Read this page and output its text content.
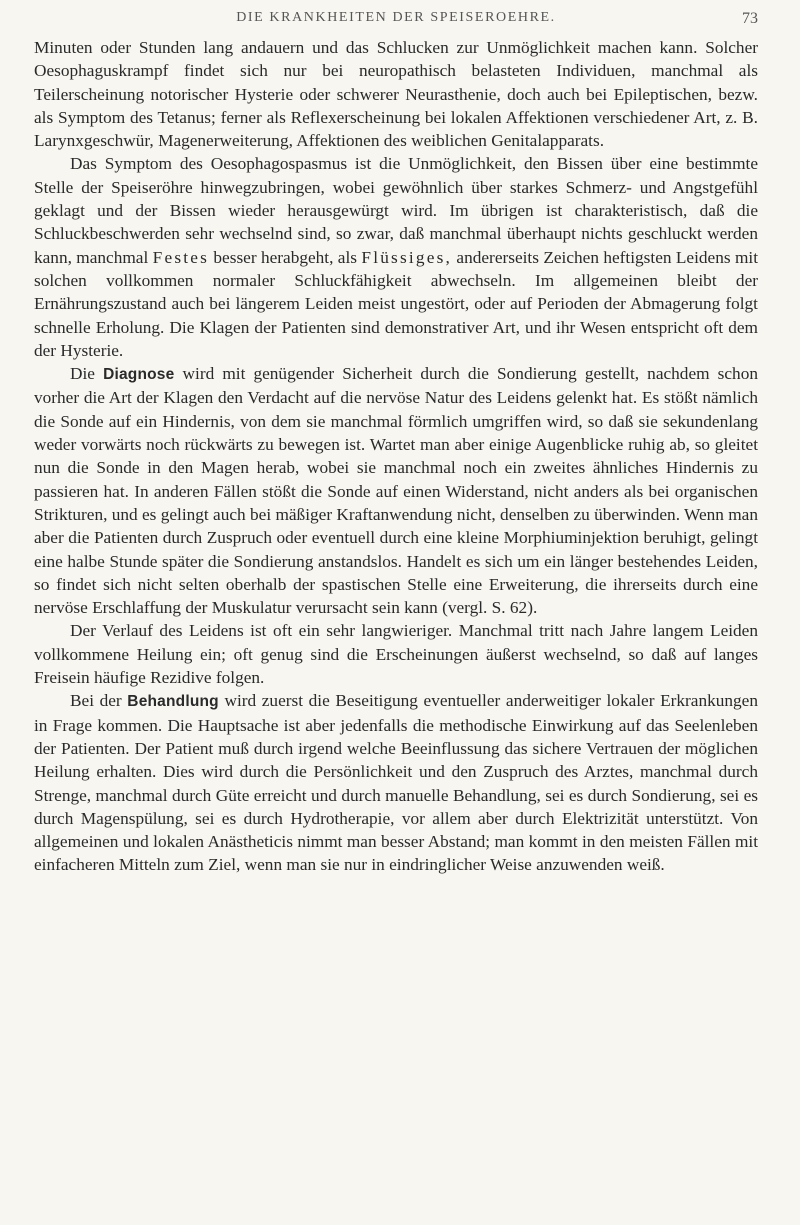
DIE KRANKHEITEN DER SPEISEROEHRE.	73

Minuten oder Stunden lang andauern und das Schlucken zur Unmöglichkeit machen kann. Solcher Oesophaguskrampf findet sich nur bei neuropathisch belasteten Individuen, manchmal als Teilerscheinung notorischer Hysterie oder schwerer Neurasthenie, doch auch bei Epileptischen, bezw. als Symptom des Tetanus; ferner als Reflexerscheinung bei lokalen Affektionen verschiedener Art, z. B. Larynxgeschwür, Magenerweiterung, Affektionen des weiblichen Genitalapparats.

Das Symptom des Oesophagospasmus ist die Unmöglichkeit, den Bissen über eine bestimmte Stelle der Speiseröhre hinwegzubringen, wobei gewöhnlich über starkes Schmerz- und Angstgefühl geklagt und der Bissen wieder herausgewürgt wird. Im übrigen ist charakteristisch, daß die Schluckbeschwerden sehr wechselnd sind, so zwar, daß manchmal überhaupt nichts geschluckt werden kann, manchmal Festes besser herabgeht, als Flüssiges, andererseits Zeichen heftigsten Leidens mit solchen vollkommen normaler Schluckfähigkeit abwechseln. Im allgemeinen bleibt der Ernährungszustand auch bei längerem Leiden meist ungestört, oder auf Perioden der Abmagerung folgt schnelle Erholung. Die Klagen der Patienten sind demonstrativer Art, und ihr Wesen entspricht oft dem der Hysterie.

Die Diagnose wird mit genügender Sicherheit durch die Sondierung gestellt, nachdem schon vorher die Art der Klagen den Verdacht auf die nervöse Natur des Leidens gelenkt hat. Es stößt nämlich die Sonde auf ein Hindernis, von dem sie manchmal förmlich umgriffen wird, so daß sie sekundenlang weder vorwärts noch rückwärts zu bewegen ist. Wartet man aber einige Augenblicke ruhig ab, so gleitet nun die Sonde in den Magen herab, wobei sie manchmal noch ein zweites ähnliches Hindernis zu passieren hat. In anderen Fällen stößt die Sonde auf einen Widerstand, nicht anders als bei organischen Strikturen, und es gelingt auch bei mäßiger Kraftanwendung nicht, denselben zu überwinden. Wenn man aber die Patienten durch Zuspruch oder eventuell durch eine kleine Morphiuminjektion beruhigt, gelingt eine halbe Stunde später die Sondierung anstandslos. Handelt es sich um ein länger bestehendes Leiden, so findet sich nicht selten oberhalb der spastischen Stelle eine Erweiterung, die ihrerseits durch eine nervöse Erschlaffung der Muskulatur verursacht sein kann (vergl. S. 62).

Der Verlauf des Leidens ist oft ein sehr langwieriger. Manchmal tritt nach Jahre langem Leiden vollkommene Heilung ein; oft genug sind die Erscheinungen äußerst wechselnd, so daß auf langes Freisein häufige Rezidive folgen.

Bei der Behandlung wird zuerst die Beseitigung eventueller anderweitiger lokaler Erkrankungen in Frage kommen. Die Hauptsache ist aber jedenfalls die methodische Einwirkung auf das Seelenleben der Patienten. Der Patient muß durch irgend welche Beeinflussung das sichere Vertrauen der möglichen Heilung erhalten. Dies wird durch die Persönlichkeit und den Zuspruch des Arztes, manchmal durch Strenge, manchmal durch Güte erreicht und durch manuelle Behandlung, sei es durch Sondierung, sei es durch Magenspülung, sei es durch Hydrotherapie, vor allem aber durch Elektrizität unterstützt. Von allgemeinen und lokalen Anästheticis nimmt man besser Abstand; man kommt in den meisten Fällen mit einfacheren Mitteln zum Ziel, wenn man sie nur in eindringlicher Weise anzuwenden weiß.
